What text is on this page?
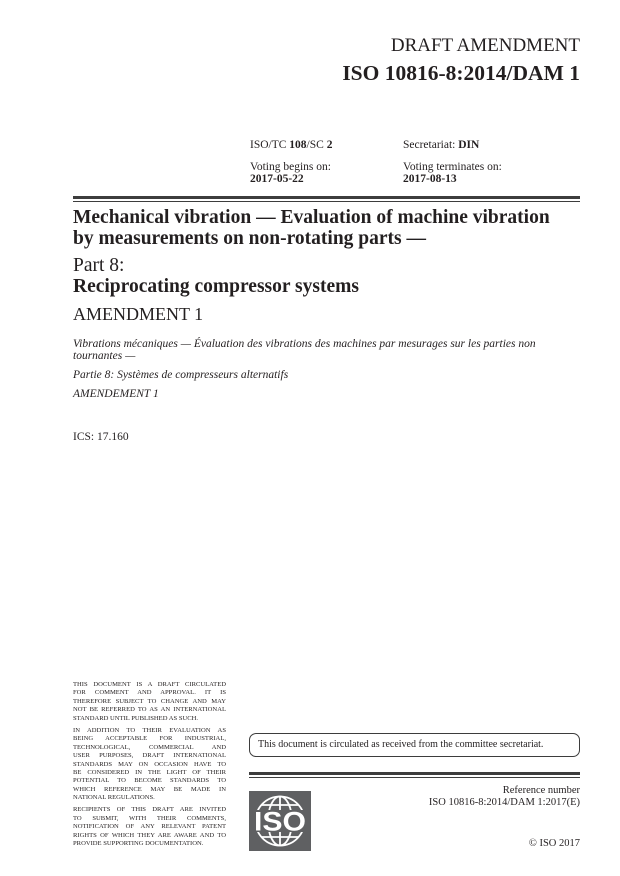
DRAFT AMENDMENT
ISO 10816-8:2014/DAM 1
ISO/TC 108/SC 2	Secretariat: DIN
Voting begins on:
2017-05-22
Voting terminates on:
2017-08-13
Mechanical vibration — Evaluation of machine vibration
by measurements on non-rotating parts —
Part 8:
Reciprocating compressor systems
AMENDMENT 1
Vibrations mécaniques — Évaluation des vibrations des machines par mesurages sur les parties non
tournantes —
Partie 8: Systèmes de compresseurs alternatifs
AMENDEMENT 1
ICS: 17.160
THIS DOCUMENT IS A DRAFT CIRCULATED
FOR COMMENT AND APPROVAL. IT IS
THEREFORE SUBJECT TO CHANGE AND MAY
NOT BE REFERRED TO AS AN INTERNATIONAL
STANDARD UNTIL PUBLISHED AS SUCH.
IN ADDITION TO THEIR EVALUATION AS
BEING ACCEPTABLE FOR INDUSTRIAL,
TECHNOLOGICAL, COMMERCIAL AND
USER PURPOSES, DRAFT INTERNATIONAL
STANDARDS MAY ON OCCASION HAVE TO
BE CONSIDERED IN THE LIGHT OF THEIR
POTENTIAL TO BECOME STANDARDS TO
WHICH REFERENCE MAY BE MADE IN
NATIONAL REGULATIONS.
RECIPIENTS OF THIS DRAFT ARE INVITED
TO SUBMIT, WITH THEIR COMMENTS,
NOTIFICATION OF ANY RELEVANT PATENT
RIGHTS OF WHICH THEY ARE AWARE AND TO
PROVIDE SUPPORTING DOCUMENTATION.
This document is circulated as received from the committee secretariat.
ISO
Reference number
ISO 10816-8:2014/DAM 1:2017(E)
© ISO 2017
